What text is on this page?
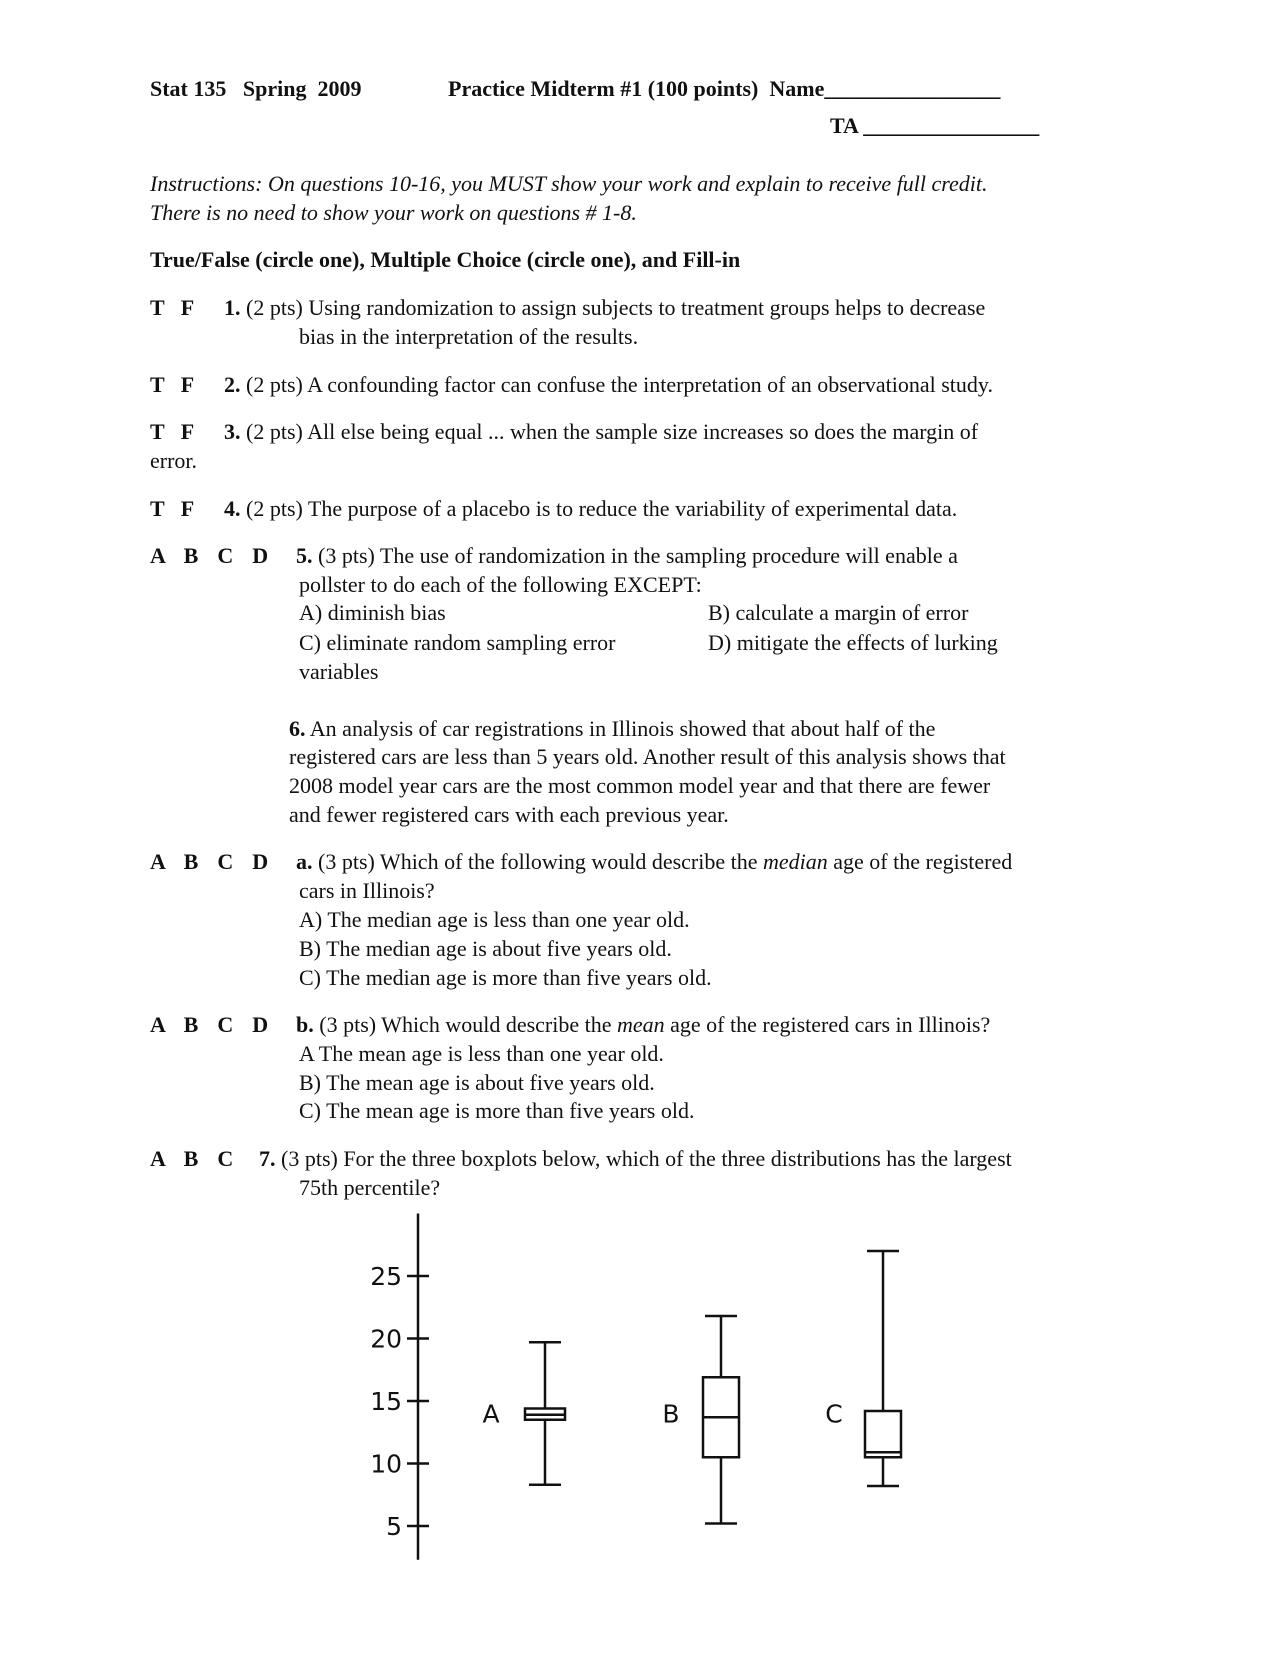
Stat 135 Spring  2009	Practice Midterm #1 (100 points) Name________________
TA ________________
Instructions: On questions 10-16, you MUST show your work and explain to receive full credit.
There is no need to show your work on questions # 1-8.
True/False (circle one), Multiple Choice (circle one), and Fill-in
T   F 1. (2 pts) Using randomization to assign subjects to treatment groups helps to decrease
bias in the interpretation of the results.
T   F 2. (2 pts) A confounding factor can confuse the interpretation of an observational study.
T   F 3. (2 pts) All else being equal ... when the sample size increases so does the margin of
error.
T   F 4. (2 pts) The purpose of a placebo is to reduce the variability of experimental data.
A  B  C  D 5. (3 pts) The use of randomization in the sampling procedure will enable a
pollster to do each of the following EXCEPT:
A) diminish bias	B) calculate a margin of error
C) eliminate random sampling error	D) mitigate the effects of lurking
variables
6. An analysis of car registrations in Illinois showed that about half of the
registered cars are less than 5 years old. Another result of this analysis shows that
2008 model year cars are the most common model year and that there are fewer
and fewer registered cars with each previous year.
A  B  C  D a. (3 pts) Which of the following would describe the median age of the registered
cars in Illinois?
A) The median age is less than one year old.
B) The median age is about five years old.
C) The median age is more than five years old.
A  B  C  D b. (3 pts) Which would describe the mean age of the registered cars in Illinois?
A The mean age is less than one year old.
B) The mean age is about five years old.
C) The mean age is more than five years old.
A  B  C 7. (3 pts) For the three boxplots below, which of the three distributions has the largest
75th percentile?
5
10
15
20
25
A	B	C
